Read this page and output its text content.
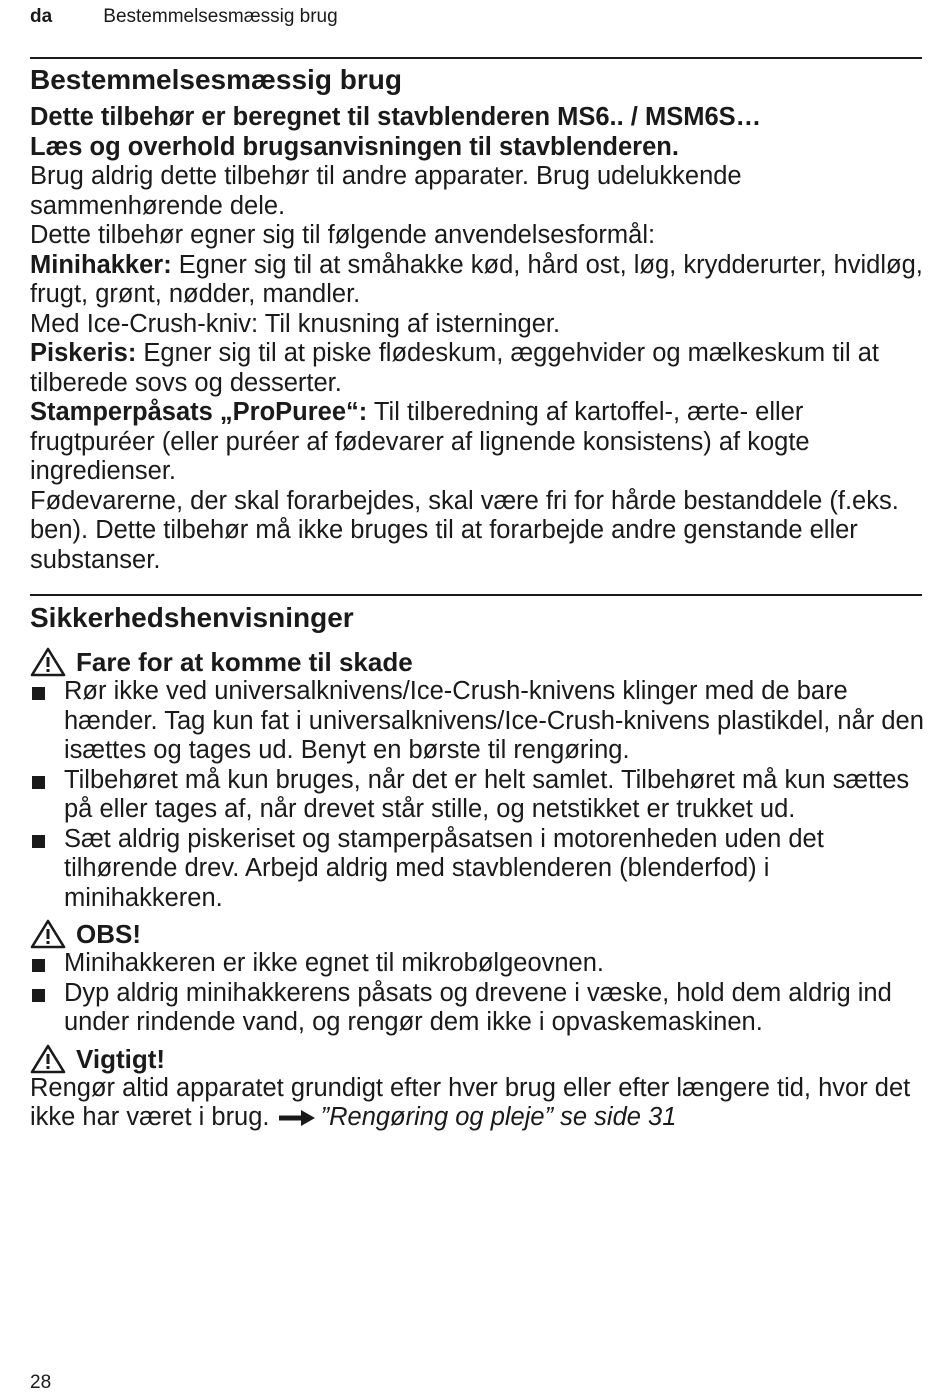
da	Bestemmelsesmæssig brug
Bestemmelsesmæssig brug

Dette tilbehør er beregnet til stavblenderen MS6.. / MSM6S…

Læs og overhold brugsanvisningen til stavblenderen.

Brug aldrig dette tilbehør til andre apparater. Brug udelukkende sammenhørende dele.

Dette tilbehør egner sig til følgende anvendelsesformål:

Minihakker: Egner sig til at småhakke kød, hård ost, løg, krydderurter, hvidløg, frugt, grønt, nødder, mandler.

Med Ice-Crush-kniv: Til knusning af isterninger.

Piskeris: Egner sig til at piske flødeskum, æggehvider og mælkeskum til at tilberede sovs og desserter.

Stamperpåsats „ProPuree“: Til tilberedning af kartoffel-, ærte- eller frugtpuréer (eller puréer af fødevarer af lignende konsistens) af kogte ingredienser.

Fødevarerne, der skal forarbejdes, skal være fri for hårde bestanddele (f.eks. ben). Dette tilbehør må ikke bruges til at forarbejde andre genstande eller substanser.

Sikkerhedshenvisninger
Fare for at komme til skade
Rør ikke ved universalknivens/Ice-Crush-knivens klinger med de bare hænder. Tag kun fat i universalknivens/Ice-Crush-knivens plastikdel, når den isættes og tages ud. Benyt en børste til rengøring.
Tilbehøret må kun bruges, når det er helt samlet. Tilbehøret må kun sættes på eller tages af, når drevet står stille, og netstikket er trukket ud.
Sæt aldrig piskeriset og stamperpåsatsen i motorenheden uden det tilhørende drev. Arbejd aldrig med stavblenderen (blenderfod) i minihakkeren.
OBS!
Minihakkeren er ikke egnet til mikrobølgeovnen.
Dyp aldrig minihakkerens påsats og drevene i væske, hold dem aldrig ind under rindende vand, og rengør dem ikke i opvaskemaskinen.
Vigtigt!

Rengør altid apparatet grundigt efter hver brug eller efter længere tid, hvor det ikke har været i brug. ”Rengøring og pleje” se side 31

28
